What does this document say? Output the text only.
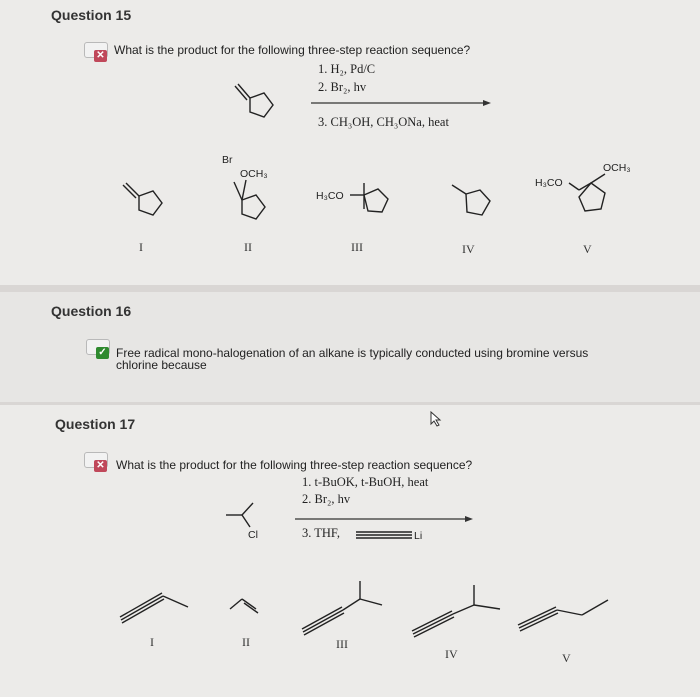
Question 15
✕ What is the product for the following three-step reaction sequence?
1. H₂, Pd/C
2. Br₂, hv
3. CH₃OH, CH₃ONa, heat
I
Br
OCH₃
II
H₃CO
III	IV
H₃CO
OCH₃
V
Question 16
✓ Free radical mono-halogenation of an alkane is typically conducted using bromine versus
chlorine because
Question 17
✕ What is the product for the following three-step reaction sequence?
Cl
1. t-BuOK, t-BuOH, heat
2. Br₂, hv
3. THF,	Li
I	II	III
IV	V
